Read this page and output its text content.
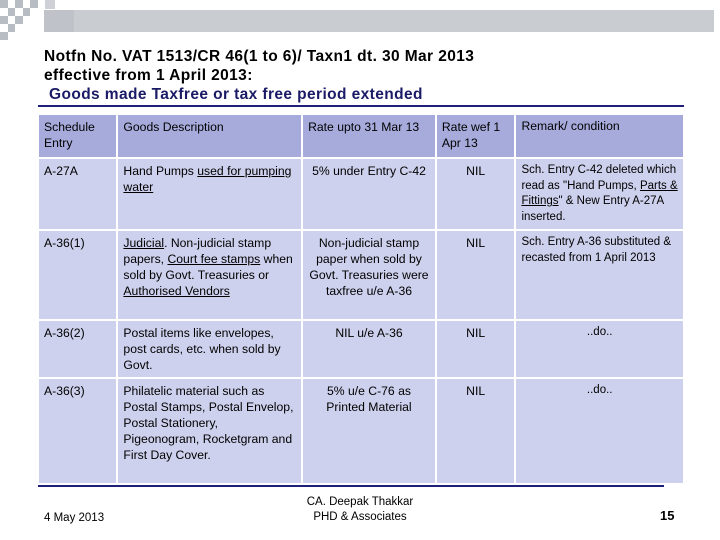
Notfn No. VAT 1513/CR 46(1 to 6)/ Taxn1 dt. 30 Mar 2013
effective from 1 April 2013:
Goods made Taxfree or tax free period extended
Schedule Entry	Goods Description	Rate upto 31 Mar 13	Rate wef 1 Apr 13	Remark/ condition
A-27A	Hand Pumps used for pumping water	5% under Entry C-42	NIL	Sch. Entry C-42 deleted which read as "Hand Pumps, Parts & Fittings" & New Entry A-27A inserted.
A-36(1)	Judicial. Non-judicial stamp papers, Court fee stamps when sold by Govt. Treasuries or Authorised Vendors	Non-judicial stamp paper when sold by Govt. Treasuries were taxfree u/e A-36	NIL	Sch. Entry A-36 substituted & recasted from 1 April 2013
A-36(2)	Postal items like envelopes, post cards, etc. when sold by Govt.	NIL u/e A-36	NIL	..do..
A-36(3)	Philatelic material such as Postal Stamps, Postal Envelop, Postal Stationery, Pigeonogram, Rocketgram and First Day Cover.	5% u/e C-76 as Printed Material	NIL	..do..
4 May 2013
CA. Deepak Thakkar
PHD & Associates	15
